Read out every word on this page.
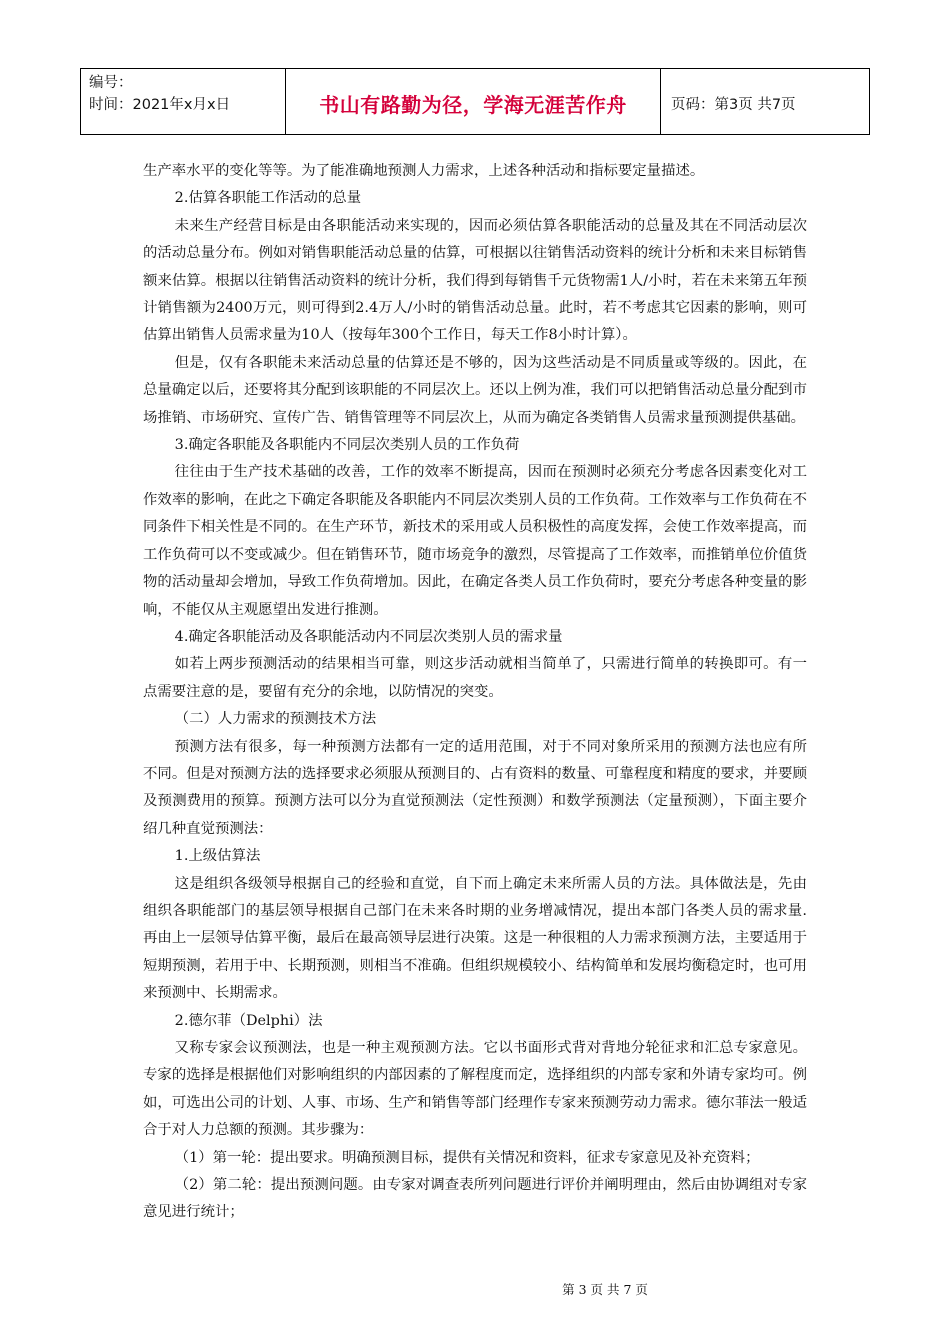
编号：
时间：2021年x月x日	书山有路勤为径，学海无涯苦作舟	页码：第3页 共7页

生产率水平的变化等等。为了能准确地预测人力需求，上述各种活动和指标要定量描述。

2.估算各职能工作活动的总量

未来生产经营目标是由各职能活动来实现的，因而必须估算各职能活动的总量及其在不同活动层次的活动总量分布。例如对销售职能活动总量的估算，可根据以往销售活动资料的统计分析和未来目标销售额来估算。根据以往销售活动资料的统计分析，我们得到每销售千元货物需1人/小时，若在未来第五年预计销售额为2400万元，则可得到2.4万人/小时的销售活动总量。此时，若不考虑其它因素的影响，则可估算出销售人员需求量为10人（按每年300个工作日，每天工作8小时计算）。

但是，仅有各职能未来活动总量的估算还是不够的，因为这些活动是不同质量或等级的。因此，在总量确定以后，还要将其分配到该职能的不同层次上。还以上例为准，我们可以把销售活动总量分配到市场推销、市场研究、宣传广告、销售管理等不同层次上，从而为确定各类销售人员需求量预测提供基础。

3.确定各职能及各职能内不同层次类别人员的工作负荷

往往由于生产技术基础的改善，工作的效率不断提高，因而在预测时必须充分考虑各因素变化对工作效率的影响，在此之下确定各职能及各职能内不同层次类别人员的工作负荷。工作效率与工作负荷在不同条件下相关性是不同的。在生产环节，新技术的采用或人员积极性的高度发挥，会使工作效率提高，而工作负荷可以不变或减少。但在销售环节，随市场竞争的激烈，尽管提高了工作效率，而推销单位价值货物的活动量却会增加，导致工作负荷增加。因此，在确定各类人员工作负荷时，要充分考虑各种变量的影响，不能仅从主观愿望出发进行推测。

4.确定各职能活动及各职能活动内不同层次类别人员的需求量

如若上两步预测活动的结果相当可靠，则这步活动就相当简单了，只需进行简单的转换即可。有一点需要注意的是，要留有充分的余地，以防情况的突变。

（二）人力需求的预测技术方法

预测方法有很多，每一种预测方法都有一定的适用范围，对于不同对象所采用的预测方法也应有所不同。但是对预测方法的选择要求必须服从预测目的、占有资料的数量、可靠程度和精度的要求，并要顾及预测费用的预算。预测方法可以分为直觉预测法（定性预测）和数学预测法（定量预测），下面主要介绍几种直觉预测法：

1.上级估算法

这是组织各级领导根据自己的经验和直觉，自下而上确定未来所需人员的方法。具体做法是，先由组织各职能部门的基层领导根据自己部门在未来各时期的业务增减情况，提出本部门各类人员的需求量.再由上一层领导估算平衡，最后在最高领导层进行决策。这是一种很粗的人力需求预测方法，主要适用于短期预测，若用于中、长期预测，则相当不准确。但组织规模较小、结构简单和发展均衡稳定时，也可用来预测中、长期需求。

2.德尔菲（Delphi）法

又称专家会议预测法，也是一种主观预测方法。它以书面形式背对背地分轮征求和汇总专家意见。专家的选择是根据他们对影响组织的内部因素的了解程度而定，选择组织的内部专家和外请专家均可。例如，可选出公司的计划、人事、市场、生产和销售等部门经理作专家来预测劳动力需求。德尔菲法一般适合于对人力总额的预测。其步骤为：

（1）第一轮：提出要求。明确预测目标，提供有关情况和资料，征求专家意见及补充资料；

（2）第二轮：提出预测问题。由专家对调查表所列问题进行评价并阐明理由，然后由协调组对专家意见进行统计；

第 3 页 共 7 页
